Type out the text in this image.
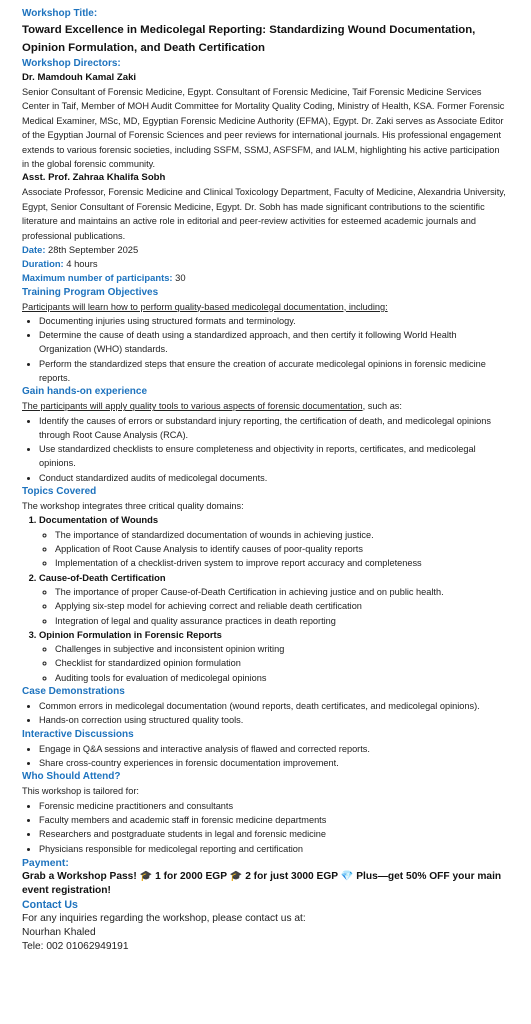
Workshop Title:
Toward Excellence in Medicolegal Reporting: Standardizing Wound Documentation, Opinion Formulation, and Death Certification
Workshop Directors:
Dr. Mamdouh Kamal Zaki

Senior Consultant of Forensic Medicine, Egypt. Consultant of Forensic Medicine, Taif Forensic Medicine Services Center in Taif, Member of MOH Audit Committee for Mortality Quality Coding, Ministry of Health, KSA. Former Forensic Medical Examiner, MSc, MD, Egyptian Forensic Medicine Authority (EFMA), Egypt. Dr. Zaki serves as Associate Editor of the Egyptian Journal of Forensic Sciences and peer reviews for international journals. His professional engagement extends to various forensic societies, including SSFM, SSMJ, ASFSFM, and IALM, highlighting his active participation in the global forensic community.

Asst. Prof. Zahraa Khalifa Sobh

Associate Professor, Forensic Medicine and Clinical Toxicology Department, Faculty of Medicine, Alexandria University, Egypt, Senior Consultant of Forensic Medicine, Egypt. Dr. Sobh has made significant contributions to the scientific literature and maintains an active role in editorial and peer-review activities for esteemed academic journals and professional publications.

Date: 28th September 2025
Duration: 4 hours
Maximum number of participants: 30
Training Program Objectives
Participants will learn how to perform quality-based medicolegal documentation, including:
• Documenting injuries using structured formats and terminology.
• Determine the cause of death using a standardized approach, and then certify it following World Health Organization (WHO) standards.
• Perform the standardized steps that ensure the creation of accurate medicolegal opinions in forensic medicine reports.
Gain hands-on experience
The participants will apply quality tools to various aspects of forensic documentation, such as:
• Identify the causes of errors or substandard injury reporting, the certification of death, and medicolegal opinions through Root Cause Analysis (RCA).
• Use standardized checklists to ensure completeness and objectivity in reports, certificates, and medicolegal opinions.
• Conduct standardized audits of medicolegal documents.
Topics Covered

The workshop integrates three critical quality domains:

1. Documentation of Wounds
◦ The importance of standardized documentation of wounds in achieving justice.
◦ Application of Root Cause Analysis to identify causes of poor-quality reports
◦ Implementation of a checklist-driven system to improve report accuracy and completeness
2. Cause-of-Death Certification
◦ The importance of proper Cause-of-Death Certification in achieving justice and on public health.
◦ Applying six-step model for achieving correct and reliable death certification
◦ Integration of legal and quality assurance practices in death reporting
3. Opinion Formulation in Forensic Reports
◦ Challenges in subjective and inconsistent opinion writing
◦ Checklist for standardized opinion formulation
◦ Auditing tools for evaluation of medicolegal opinions
Case Demonstrations
• Common errors in medicolegal documentation (wound reports, death certificates, and medicolegal opinions).
• Hands-on correction using structured quality tools.
Interactive Discussions
• Engage in Q&A sessions and interactive analysis of flawed and corrected reports.
• Share cross-country experiences in forensic documentation improvement.
Who Should Attend?

This workshop is tailored for:

• Forensic medicine practitioners and consultants
• Faculty members and academic staff in forensic medicine departments
• Researchers and postgraduate students in legal and forensic medicine
• Physicians responsible for medicolegal reporting and certification
Payment:
Grab a Workshop Pass! 🎓 1 for 2000 EGP 🎓 2 for just 3000 EGP 💎 Plus—get 50% OFF your main event registration!
Contact Us
For any inquiries regarding the workshop, please contact us at:
Nourhan Khaled
Tele: 002 01062949191
